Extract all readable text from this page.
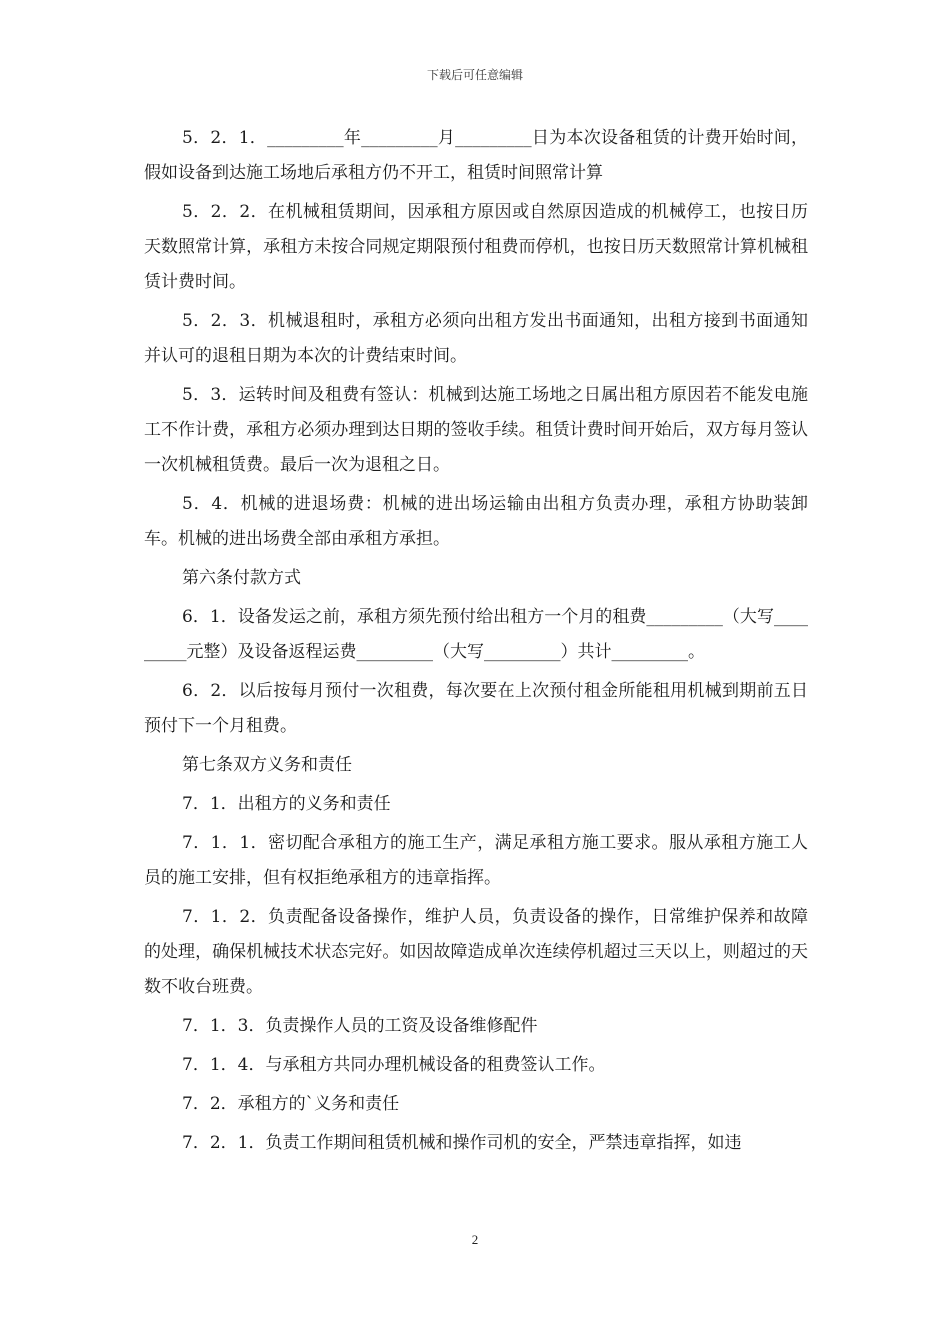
下载后可任意编辑

5．2．1．_________年_________月_________日为本次设备租赁的计费开始时间，假如设备到达施工场地后承租方仍不开工，租赁时间照常计算

5．2．2．在机械租赁期间，因承租方原因或自然原因造成的机械停工，也按日历天数照常计算，承租方未按合同规定期限预付租费而停机，也按日历天数照常计算机械租赁计费时间。

5．2．3．机械退租时，承租方必须向出租方发出书面通知，出租方接到书面通知并认可的退租日期为本次的计费结束时间。

5．3．运转时间及租费有签认：机械到达施工场地之日属出租方原因若不能发电施工不作计费，承租方必须办理到达日期的签收手续。租赁计费时间开始后，双方每月签认一次机械租赁费。最后一次为退租之日。

5．4．机械的进退场费：机械的进出场运输由出租方负责办理，承租方协助装卸车。机械的进出场费全部由承租方承担。

第六条付款方式

6．1．设备发运之前，承租方须先预付给出租方一个月的租费_________（大写_________元整）及设备返程运费_________（大写_________）共计_________。

6．2．以后按每月预付一次租费，每次要在上次预付租金所能租用机械到期前五日预付下一个月租费。

第七条双方义务和责任

7．1．出租方的义务和责任

7．1．1．密切配合承租方的施工生产，满足承租方施工要求。服从承租方施工人员的施工安排，但有权拒绝承租方的违章指挥。

7．1．2．负责配备设备操作，维护人员，负责设备的操作，日常维护保养和故障的处理，确保机械技术状态完好。如因故障造成单次连续停机超过三天以上，则超过的天数不收台班费。

7．1．3．负责操作人员的工资及设备维修配件

7．1．4．与承租方共同办理机械设备的租费签认工作。

7．2．承租方的`义务和责任

7．2．1．负责工作期间租赁机械和操作司机的安全，严禁违章指挥，如违

2
